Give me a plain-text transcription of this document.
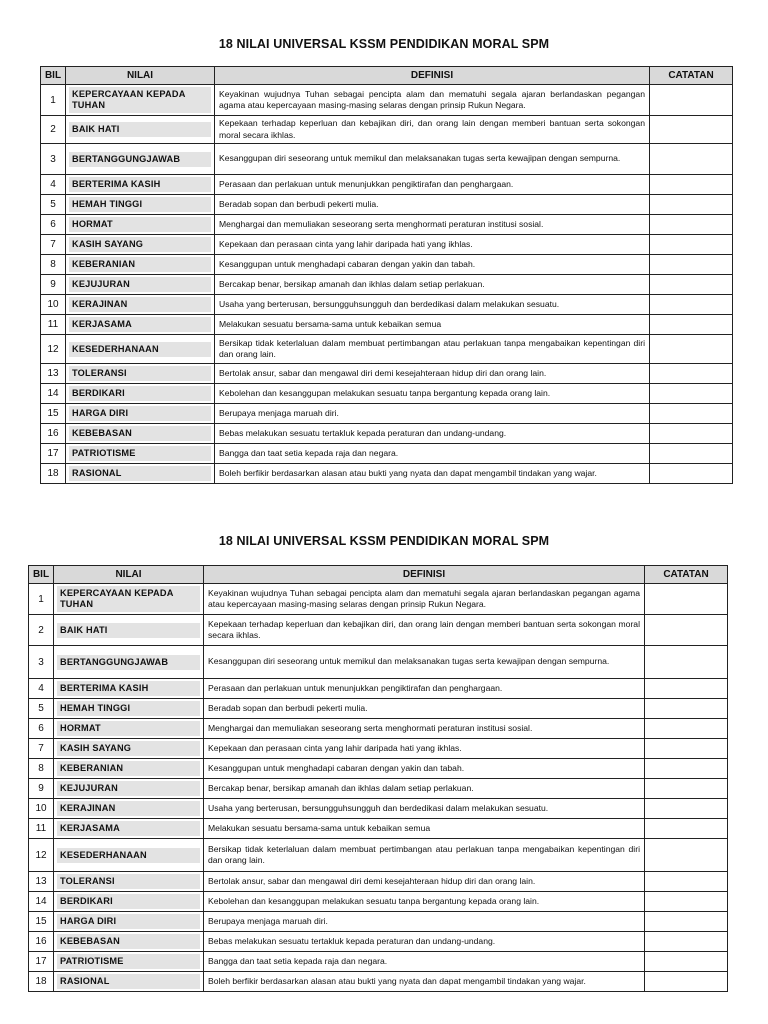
18 NILAI UNIVERSAL KSSM PENDIDIKAN MORAL SPM
BIL	NILAI	DEFINISI	CATATAN
1	KEPERCAYAAN KEPADA TUHAN	Keyakinan wujudnya Tuhan sebagai pencipta alam dan mematuhi segala ajaran berlandaskan pegangan agama atau kepercayaan masing-masing selaras dengan prinsip Rukun Negara.	
2	BAIK HATI	Kepekaan terhadap keperluan dan kebajikan diri, dan orang lain dengan memberi bantuan serta sokongan moral secara ikhlas.	
3	BERTANGGUNGJAWAB	Kesanggupan diri seseorang untuk memikul dan melaksanakan tugas serta kewajipan dengan sempurna.	
4	BERTERIMA KASIH	Perasaan dan perlakuan untuk menunjukkan pengiktirafan dan penghargaan.	
5	HEMAH TINGGI	Beradab sopan dan berbudi pekerti mulia.	
6	HORMAT	Menghargai dan memuliakan seseorang serta menghormati peraturan institusi sosial.	
7	KASIH SAYANG	Kepekaan dan perasaan cinta yang lahir daripada hati yang ikhlas.	
8	KEBERANIAN	Kesanggupan untuk menghadapi cabaran dengan yakin dan tabah.	
9	KEJUJURAN	Bercakap benar, bersikap amanah dan ikhlas dalam setiap perlakuan.	
10	KERAJINAN	Usaha yang berterusan, bersungguhsungguh dan berdedikasi dalam melakukan sesuatu.	
11	KERJASAMA	Melakukan sesuatu bersama-sama untuk kebaikan semua	
12	KESEDERHANAAN	Bersikap tidak keterlaluan dalam membuat pertimbangan atau perlakuan tanpa mengabaikan kepentingan diri dan orang lain.	
13	TOLERANSI	Bertolak ansur, sabar dan mengawal diri demi kesejahteraan hidup diri dan orang lain.	
14	BERDIKARI	Kebolehan dan kesanggupan melakukan sesuatu tanpa bergantung kepada orang lain.	
15	HARGA DIRI	Berupaya menjaga maruah diri.	
16	KEBEBASAN	Bebas melakukan sesuatu tertakluk kepada peraturan dan undang-undang.	
17	PATRIOTISME	Bangga dan taat setia kepada raja dan negara.	
18	RASIONAL	Boleh berfikir berdasarkan alasan atau bukti yang nyata dan dapat mengambil tindakan yang wajar.	
18 NILAI UNIVERSAL KSSM PENDIDIKAN MORAL SPM
BIL	NILAI	DEFINISI	CATATAN
1	KEPERCAYAAN KEPADA TUHAN	Keyakinan wujudnya Tuhan sebagai pencipta alam dan mematuhi segala ajaran berlandaskan pegangan agama atau kepercayaan masing-masing selaras dengan prinsip Rukun Negara.	
2	BAIK HATI	Kepekaan terhadap keperluan dan kebajikan diri, dan orang lain dengan memberi bantuan serta sokongan moral secara ikhlas.	
3	BERTANGGUNGJAWAB	Kesanggupan diri seseorang untuk memikul dan melaksanakan tugas serta kewajipan dengan sempurna.	
4	BERTERIMA KASIH	Perasaan dan perlakuan untuk menunjukkan pengiktirafan dan penghargaan.	
5	HEMAH TINGGI	Beradab sopan dan berbudi pekerti mulia.	
6	HORMAT	Menghargai dan memuliakan seseorang serta menghormati peraturan institusi sosial.	
7	KASIH SAYANG	Kepekaan dan perasaan cinta yang lahir daripada hati yang ikhlas.	
8	KEBERANIAN	Kesanggupan untuk menghadapi cabaran dengan yakin dan tabah.	
9	KEJUJURAN	Bercakap benar, bersikap amanah dan ikhlas dalam setiap perlakuan.	
10	KERAJINAN	Usaha yang berterusan, bersungguhsungguh dan berdedikasi dalam melakukan sesuatu.	
11	KERJASAMA	Melakukan sesuatu bersama-sama untuk kebaikan semua	
12	KESEDERHANAAN	Bersikap tidak keterlaluan dalam membuat pertimbangan atau perlakuan tanpa mengabaikan kepentingan diri dan orang lain.	
13	TOLERANSI	Bertolak ansur, sabar dan mengawal diri demi kesejahteraan hidup diri dan orang lain.	
14	BERDIKARI	Kebolehan dan kesanggupan melakukan sesuatu tanpa bergantung kepada orang lain.	
15	HARGA DIRI	Berupaya menjaga maruah diri.	
16	KEBEBASAN	Bebas melakukan sesuatu tertakluk kepada peraturan dan undang-undang.	
17	PATRIOTISME	Bangga dan taat setia kepada raja dan negara.	
18	RASIONAL	Boleh berfikir berdasarkan alasan atau bukti yang nyata dan dapat mengambil tindakan yang wajar.	
